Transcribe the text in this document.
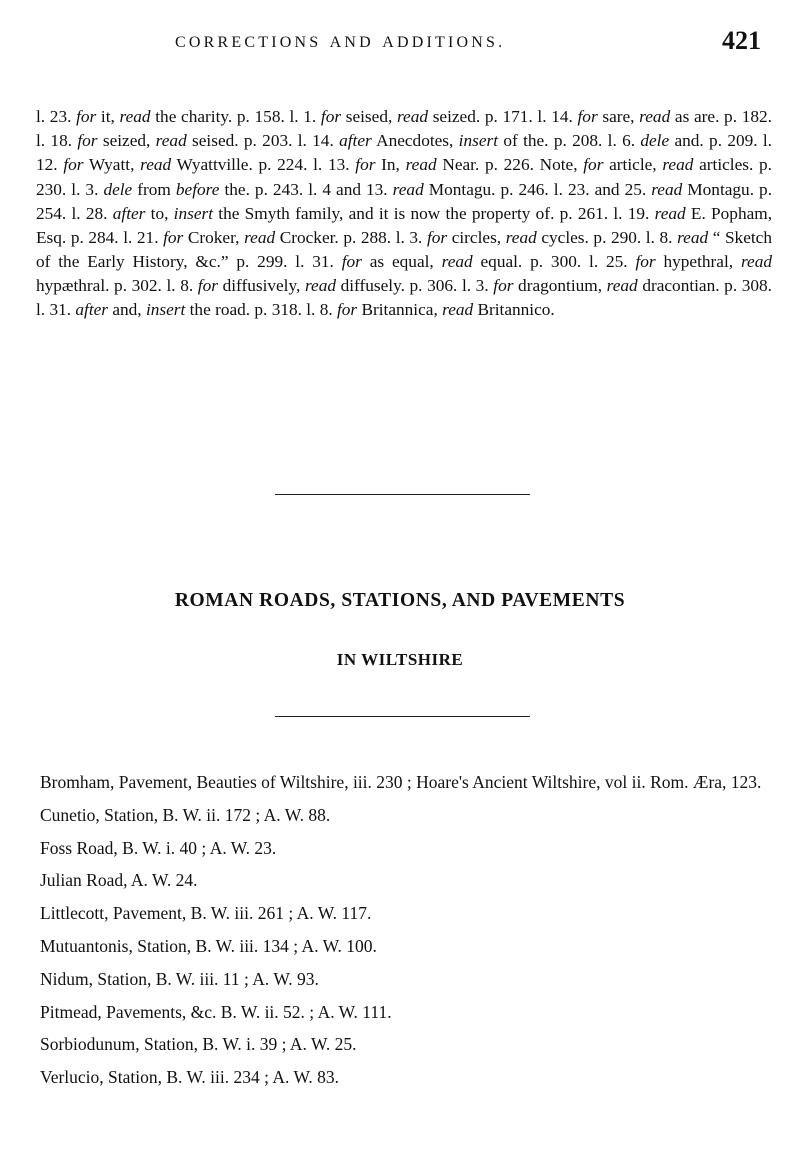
CORRECTIONS AND ADDITIONS.	421

l. 23. for it, read the charity. p. 158. l. 1. for seised, read seized. p. 171. l. 14. for sare, read as are. p. 182. l. 18. for seized, read seised. p. 203. l. 14. after Anecdotes, insert of the. p. 208. l. 6. dele and. p. 209. l. 12. for Wyatt, read Wyattville. p. 224. l. 13. for In, read Near. p. 226. Note, for article, read articles. p. 230. l. 3. dele from before the. p. 243. l. 4 and 13. read Montagu. p. 246. l. 23. and 25. read Montagu. p. 254. l. 28. after to, insert the Smyth family, and it is now the property of. p. 261. l. 19. read E. Popham, Esq. p. 284. l. 21. for Croker, read Crocker. p. 288. l. 3. for circles, read cycles. p. 290. l. 8. read “ Sketch of the Early History, &c.” p. 299. l. 31. for as equal, read equal. p. 300. l. 25. for hypethral, read hypæthral. p. 302. l. 8. for diffusively, read diffusely. p. 306. l. 3. for dragontium, read dracontian. p. 308. l. 31. after and, insert the road. p. 318. l. 8. for Britannica, read Britannico.

ROMAN ROADS, STATIONS, AND PAVEMENTS
IN WILTSHIRE
Bromham, Pavement, Beauties of Wiltshire, iii. 230 ; Hoare's Ancient Wiltshire, vol ii. Rom. Æra, 123.
Cunetio, Station, B. W. ii. 172 ; A. W. 88.
Foss Road, B. W. i. 40 ; A. W. 23.
Julian Road, A. W. 24.
Littlecott, Pavement, B. W. iii. 261 ; A. W. 117.
Mutuantonis, Station, B. W. iii. 134 ; A. W. 100.
Nidum, Station, B. W. iii. 11 ; A. W. 93.
Pitmead, Pavements, &c. B. W. ii. 52. ; A. W. 111.
Sorbiodunum, Station, B. W. i. 39 ; A. W. 25.
Verlucio, Station, B. W. iii. 234 ; A. W. 83.
